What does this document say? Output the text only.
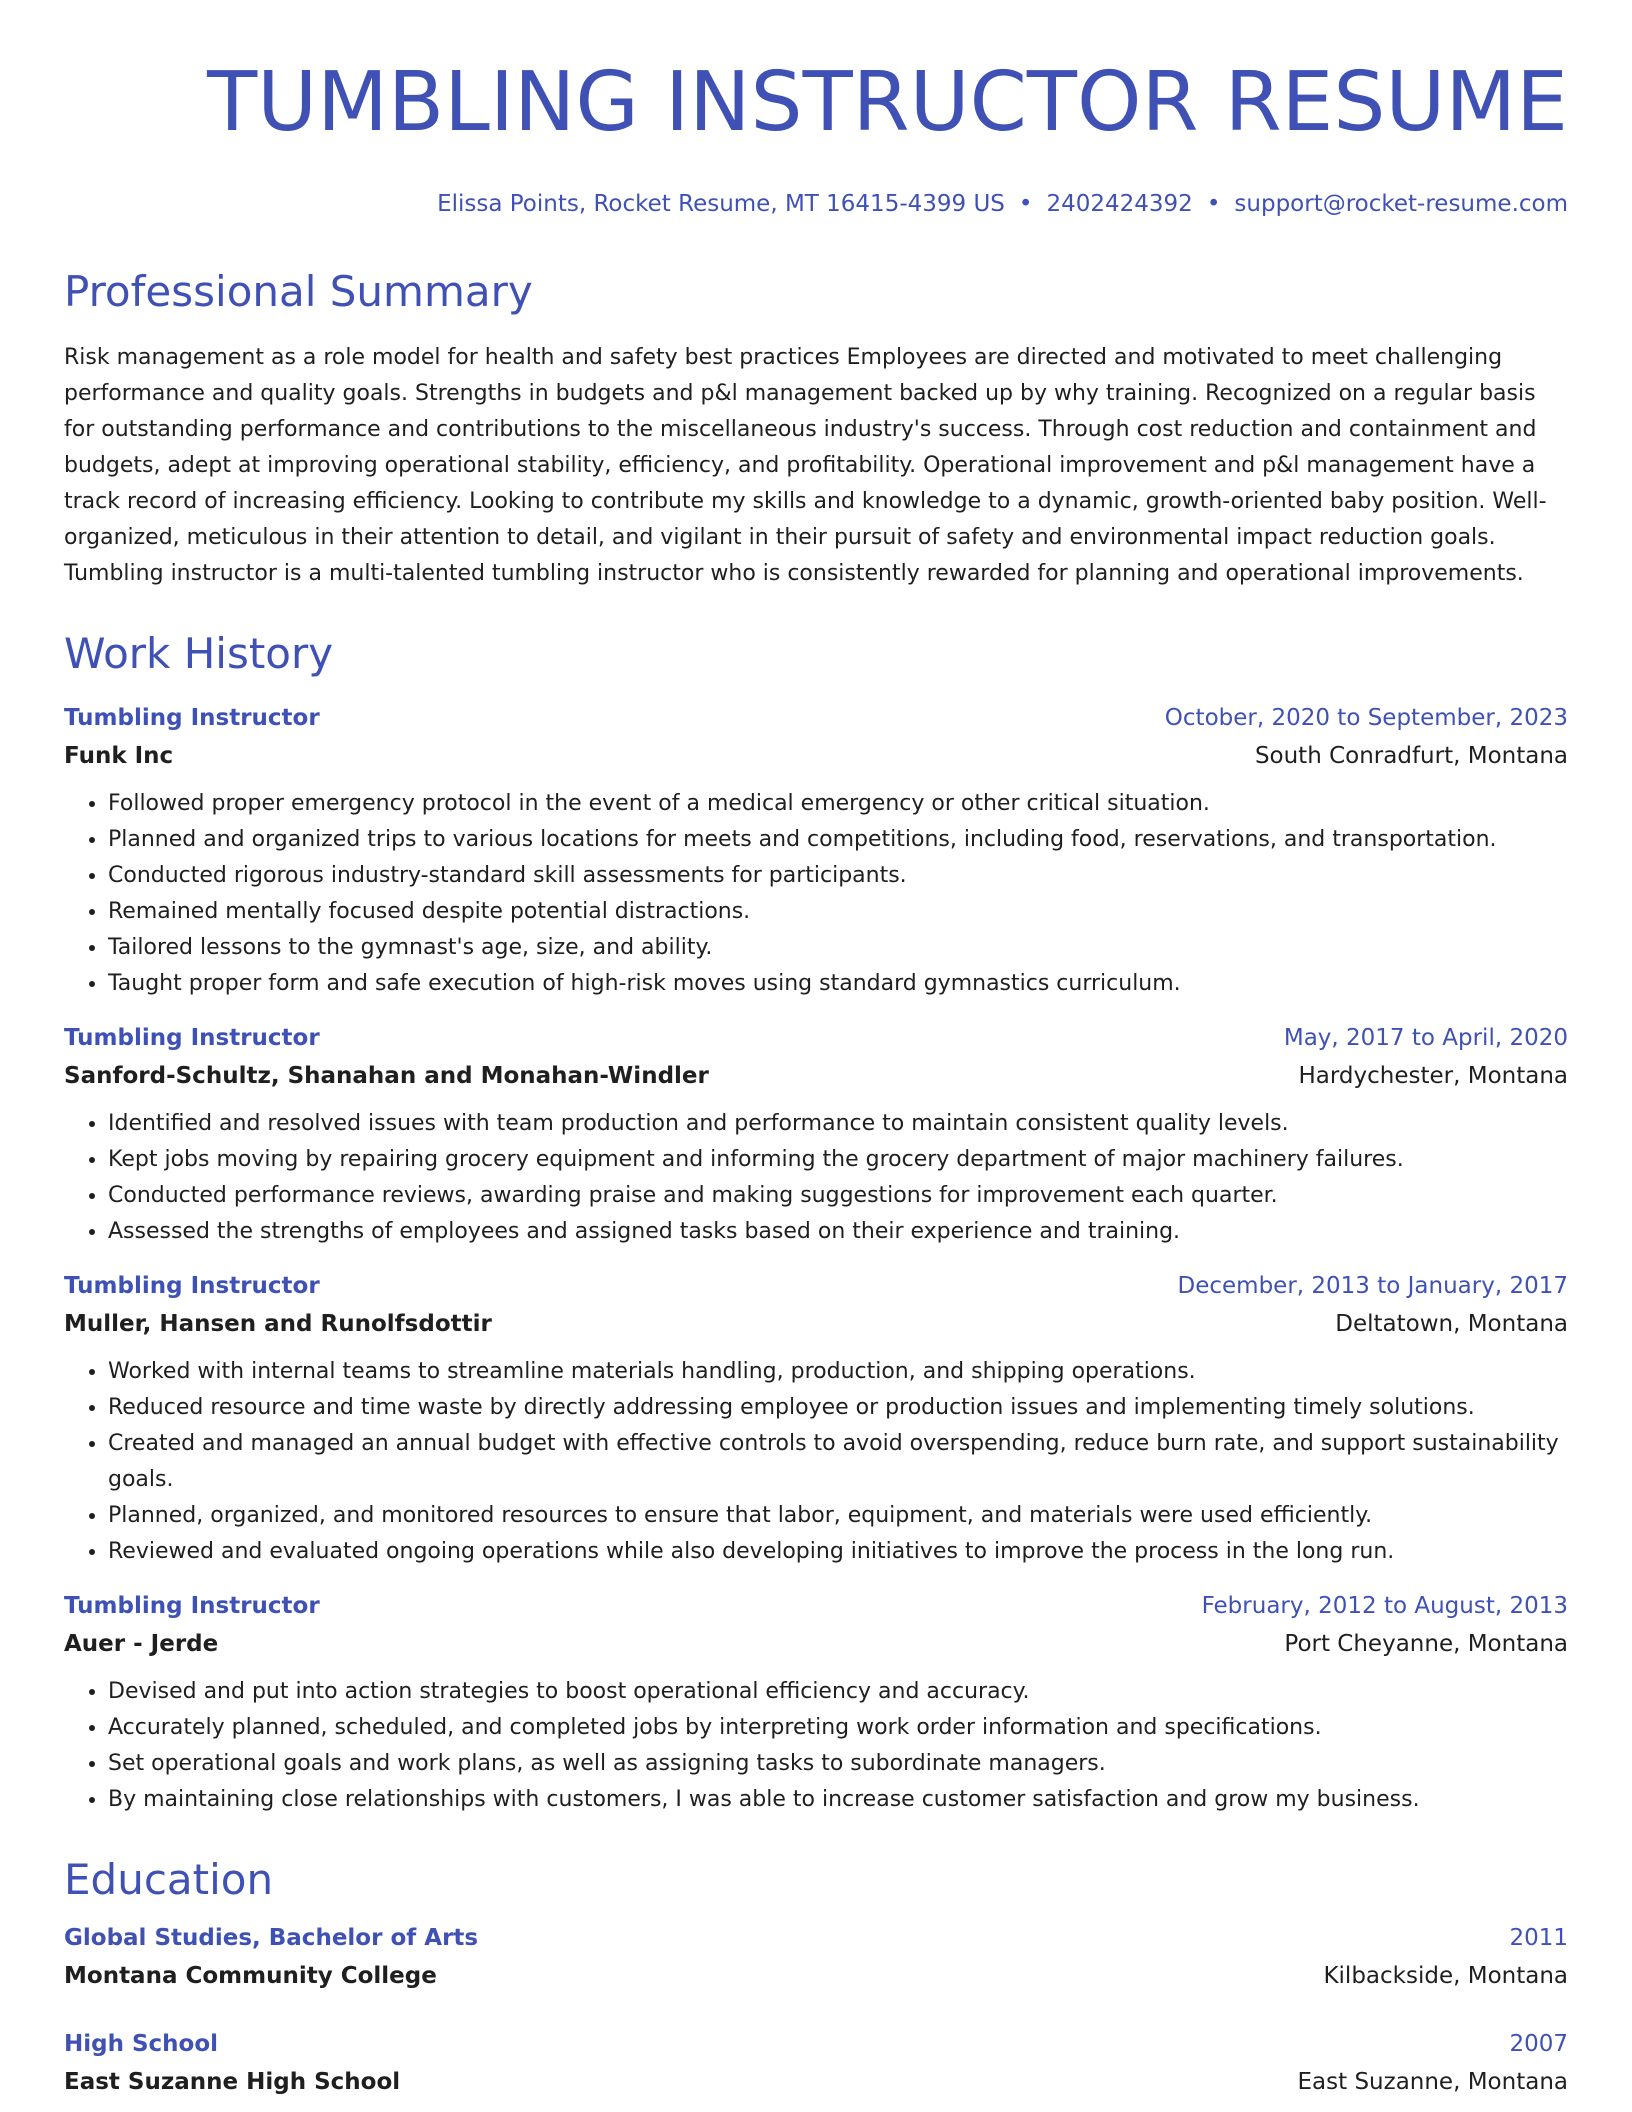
TUMBLING INSTRUCTOR RESUME
Elissa Points, Rocket Resume, MT 16415-4399 US • 2402424392 • support@rocket-resume.com
Professional Summary
Risk management as a role model for health and safety best practices Employees are directed and motivated to meet challenging performance and quality goals. Strengths in budgets and p&l management backed up by why training. Recognized on a regular basis for outstanding performance and contributions to the miscellaneous industry's success. Through cost reduction and containment and budgets, adept at improving operational stability, efficiency, and profitability. Operational improvement and p&l management have a track record of increasing efficiency. Looking to contribute my skills and knowledge to a dynamic, growth-oriented baby position. Well-organized, meticulous in their attention to detail, and vigilant in their pursuit of safety and environmental impact reduction goals. Tumbling instructor is a multi-talented tumbling instructor who is consistently rewarded for planning and operational improvements.
Work History
Tumbling Instructor	October, 2020 to September, 2023
Funk Inc	South Conradfurt, Montana
• Followed proper emergency protocol in the event of a medical emergency or other critical situation.
• Planned and organized trips to various locations for meets and competitions, including food, reservations, and transportation.
• Conducted rigorous industry-standard skill assessments for participants.
• Remained mentally focused despite potential distractions.
• Tailored lessons to the gymnast's age, size, and ability.
• Taught proper form and safe execution of high-risk moves using standard gymnastics curriculum.
Tumbling Instructor	May, 2017 to April, 2020
Sanford-Schultz, Shanahan and Monahan-Windler	Hardychester, Montana
• Identified and resolved issues with team production and performance to maintain consistent quality levels.
• Kept jobs moving by repairing grocery equipment and informing the grocery department of major machinery failures.
• Conducted performance reviews, awarding praise and making suggestions for improvement each quarter.
• Assessed the strengths of employees and assigned tasks based on their experience and training.
Tumbling Instructor	December, 2013 to January, 2017
Muller, Hansen and Runolfsdottir	Deltatown, Montana
• Worked with internal teams to streamline materials handling, production, and shipping operations.
• Reduced resource and time waste by directly addressing employee or production issues and implementing timely solutions.
• Created and managed an annual budget with effective controls to avoid overspending, reduce burn rate, and support sustainability goals.
• Planned, organized, and monitored resources to ensure that labor, equipment, and materials were used efficiently.
• Reviewed and evaluated ongoing operations while also developing initiatives to improve the process in the long run.
Tumbling Instructor	February, 2012 to August, 2013
Auer - Jerde	Port Cheyanne, Montana
• Devised and put into action strategies to boost operational efficiency and accuracy.
• Accurately planned, scheduled, and completed jobs by interpreting work order information and specifications.
• Set operational goals and work plans, as well as assigning tasks to subordinate managers.
• By maintaining close relationships with customers, I was able to increase customer satisfaction and grow my business.
Education
Global Studies, Bachelor of Arts	2011
Montana Community College	Kilbackside, Montana
High School	2007
East Suzanne High School	East Suzanne, Montana
